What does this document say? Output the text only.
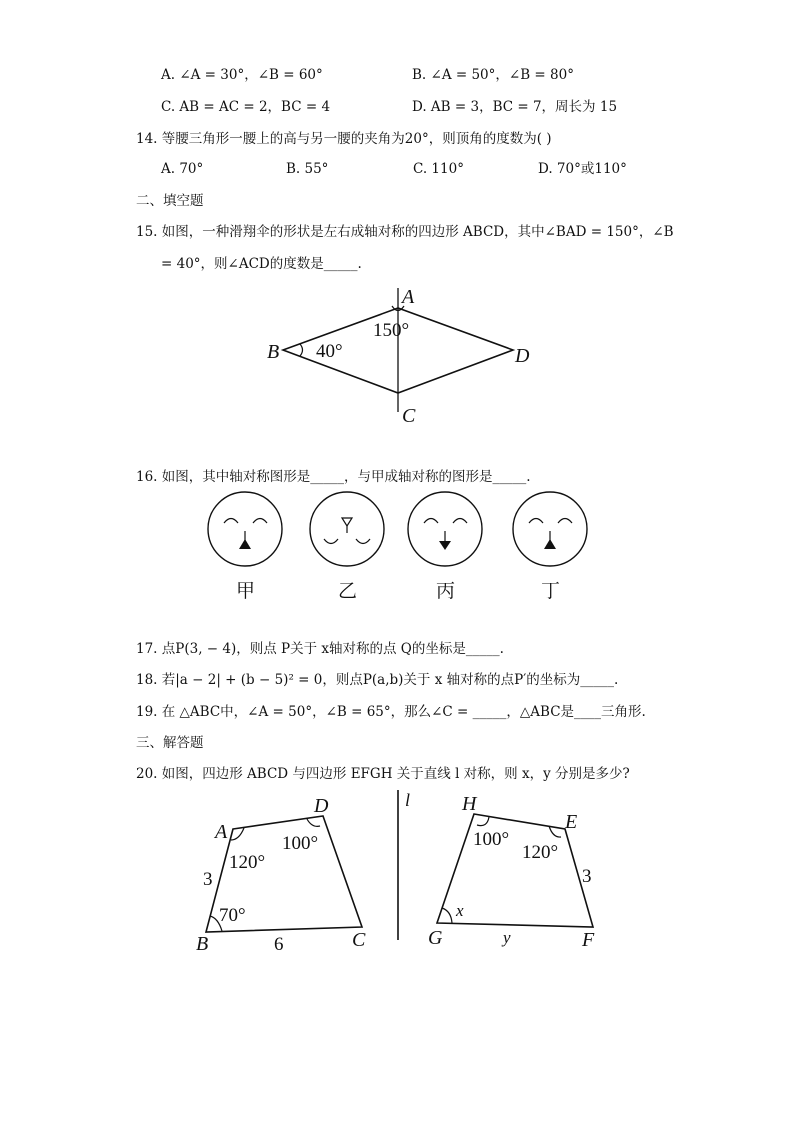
A. ∠A = 30°，∠B = 60°	B. ∠A = 50°，∠B = 80°
C. AB = AC = 2，BC = 4	D. AB = 3，BC = 7，周长为 15
14. 等腰三角形一腰上的高与另一腰的夹角为20°，则顶角的度数为( )
A. 70°	B. 55°	C. 110°	D. 70°或110°
二、填空题
15. 如图，一种滑翔伞的形状是左右成轴对称的四边形 ABCD，其中∠BAD = 150°，∠B
= 40°，则∠ACD的度数是_____.
A
B
C
D
150°
40°
16. 如图，其中轴对称图形是_____，与甲成轴对称的图形是_____.
甲	乙	丙	丁
17. 点P(3, − 4)，则点 P关于 x轴对称的点 Q的坐标是_____.
18. 若|a − 2| + (b − 5)² = 0，则点P(a,b)关于 x 轴对称的点P′的坐标为_____.
19. 在 △ABC中，∠A = 50°，∠B = 65°，那么∠C = _____，△ABC是____三角形.
三、解答题
20. 如图，四边形 ABCD 与四边形 EFGH 关于直线 l 对称，则 x，y 分别是多少?
A
D
B	C
120°
100°
70°
3
6
l	H
E
G	F
100°
120°
x
3
y
